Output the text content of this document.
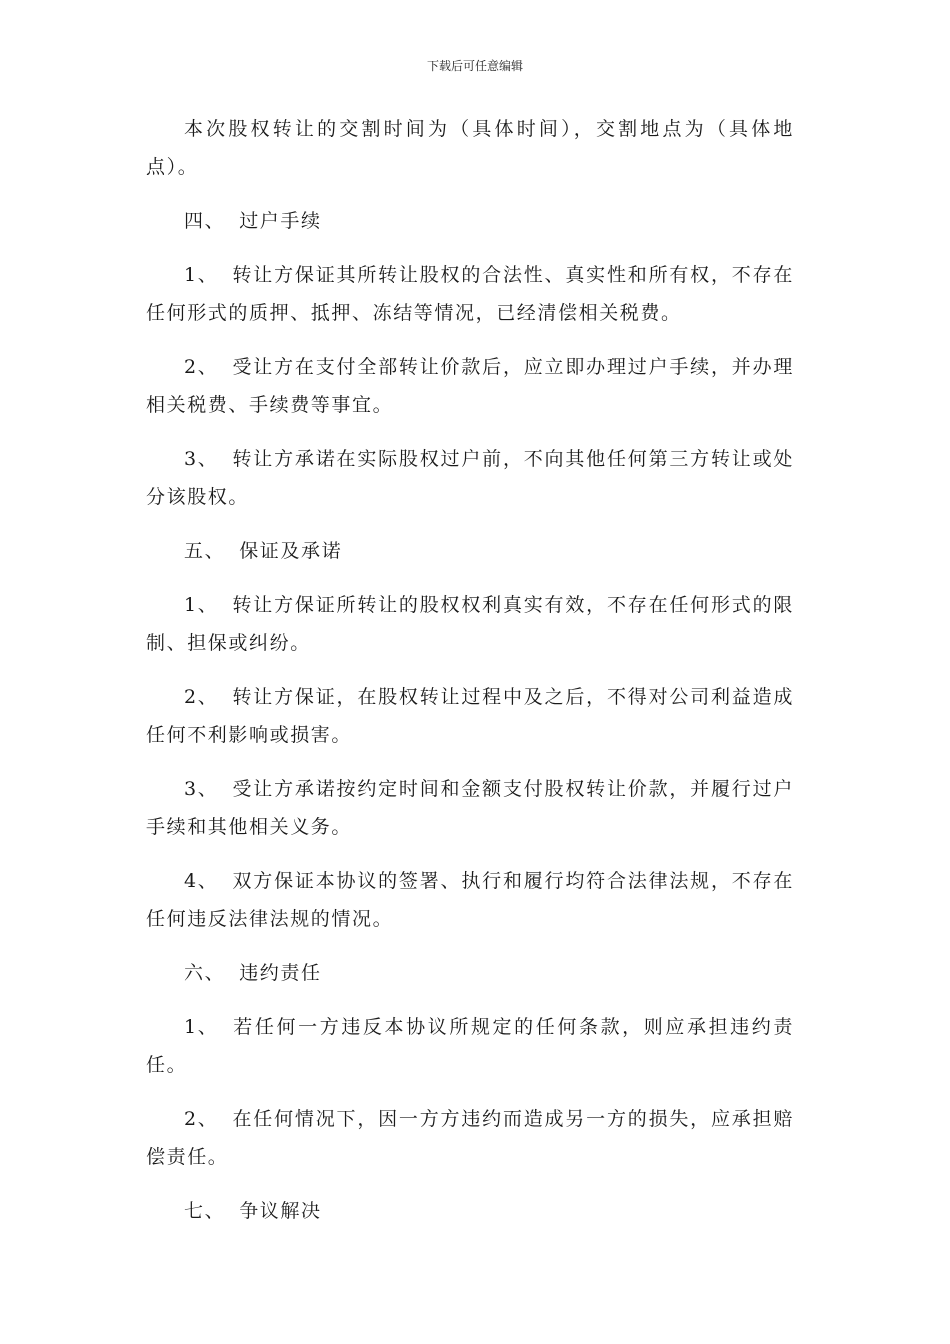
下载后可任意编辑

本次股权转让的交割时间为（具体时间），交割地点为（具体地点）。

四、 过户手续

1、 转让方保证其所转让股权的合法性、真实性和所有权，不存在任何形式的质押、抵押、冻结等情况，已经清偿相关税费。

2、 受让方在支付全部转让价款后，应立即办理过户手续，并办理相关税费、手续费等事宜。

3、 转让方承诺在实际股权过户前，不向其他任何第三方转让或处分该股权。

五、 保证及承诺

1、 转让方保证所转让的股权权利真实有效，不存在任何形式的限制、担保或纠纷。

2、 转让方保证，在股权转让过程中及之后，不得对公司利益造成任何不利影响或损害。

3、 受让方承诺按约定时间和金额支付股权转让价款，并履行过户手续和其他相关义务。

4、 双方保证本协议的签署、执行和履行均符合法律法规，不存在任何违反法律法规的情况。

六、 违约责任

1、 若任何一方违反本协议所规定的任何条款，则应承担违约责任。

2、 在任何情况下，因一方方违约而造成另一方的损失，应承担赔偿责任。

七、 争议解决
